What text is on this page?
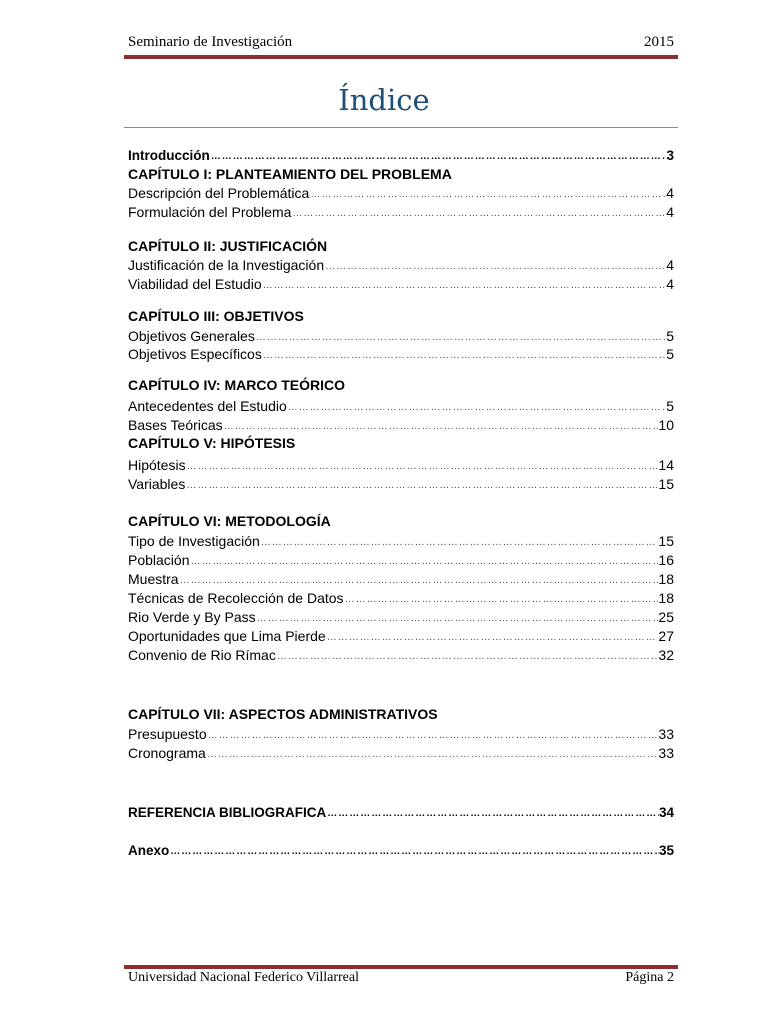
Seminario de Investigación	2015
Índice
Introducción …………………………………………………………………………………………………………………………………………………………………………………………	3
CAPÍTULO I: PLANTEAMIENTO DEL PROBLEMA
Descripción del Problemática …………………………………………………………………………………………………………………………………………………………………………………………	4
Formulación del Problema …………………………………………………………………………………………………………………………………………………………………………………………	4
CAPÍTULO II: JUSTIFICACIÓN
Justificación de la Investigación …………………………………………………………………………………………………………………………………………………………………………………………	4
Viabilidad del Estudio …………………………………………………………………………………………………………………………………………………………………………………………	4
CAPÍTULO III: OBJETIVOS
Objetivos Generales …………………………………………………………………………………………………………………………………………………………………………………………	5
Objetivos Específicos …………………………………………………………………………………………………………………………………………………………………………………………	5
CAPÍTULO IV: MARCO TEÓRICO
Antecedentes del Estudio …………………………………………………………………………………………………………………………………………………………………………………………	5
Bases Teóricas …………………………………………………………………………………………………………………………………………………………………………………………	10
CAPÍTULO V: HIPÓTESIS
Hipótesis …………………………………………………………………………………………………………………………………………………………………………………………	14
Variables …………………………………………………………………………………………………………………………………………………………………………………………	15
CAPÍTULO VI: METODOLOGÍA
Tipo de Investigación …………………………………………………………………………………………………………………………………………………………………………………………	15
Población …………………………………………………………………………………………………………………………………………………………………………………………	16
Muestra …………………………………………………………………………………………………………………………………………………………………………………………	18
Técnicas de Recolección de Datos …………………………………………………………………………………………………………………………………………………………………………………………	18
Rio Verde y By Pass …………………………………………………………………………………………………………………………………………………………………………………………	25
Oportunidades que Lima Pierde …………………………………………………………………………………………………………………………………………………………………………………………	27
Convenio de Rio Rímac …………………………………………………………………………………………………………………………………………………………………………………………	32
CAPÍTULO VII: ASPECTOS ADMINISTRATIVOS
Presupuesto …………………………………………………………………………………………………………………………………………………………………………………………	33
Cronograma …………………………………………………………………………………………………………………………………………………………………………………………	33
REFERENCIA BIBLIOGRAFICA …………………………………………………………………………………………………………………………………………………………………………………………	34
Anexo …………………………………………………………………………………………………………………………………………………………………………………………	35
Universidad Nacional Federico Villarreal	Página 2
